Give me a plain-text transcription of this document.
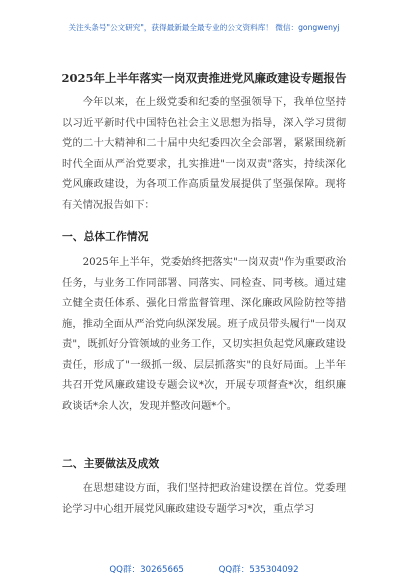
关注头条号"公文研究"，获得最新最全最专业的公文资料库！ 微信：gongwenyj
2025年上半年落实一岗双责推进党风廉政建设专题报告

今年以来，在上级党委和纪委的坚强领导下，我单位坚持以习近平新时代中国特色社会主义思想为指导，深入学习贯彻党的二十大精神和二十届中央纪委四次全会部署，紧紧围绕新时代全面从严治党要求，扎实推进"一岗双责"落实，持续深化党风廉政建设，为各项工作高质量发展提供了坚强保障。现将有关情况报告如下：

一、总体工作情况

2025年上半年，党委始终把落实"一岗双责"作为重要政治任务，与业务工作同部署、同落实、同检查、同考核。通过建立健全责任体系、强化日常监督管理、深化廉政风险防控等措施，推动全面从严治党向纵深发展。班子成员带头履行"一岗双责"，既抓好分管领域的业务工作，又切实担负起党风廉政建设责任，形成了"一级抓一级、层层抓落实"的良好局面。上半年共召开党风廉政建设专题会议*次，开展专项督查*次，组织廉政谈话*余人次，发现并整改问题*个。

二、主要做法及成效

在思想建设方面，我们坚持把政治建设摆在首位。党委理论学习中心组开展党风廉政建设专题学习*次，重点学习

QQ群：30265665	QQ群：535304092
